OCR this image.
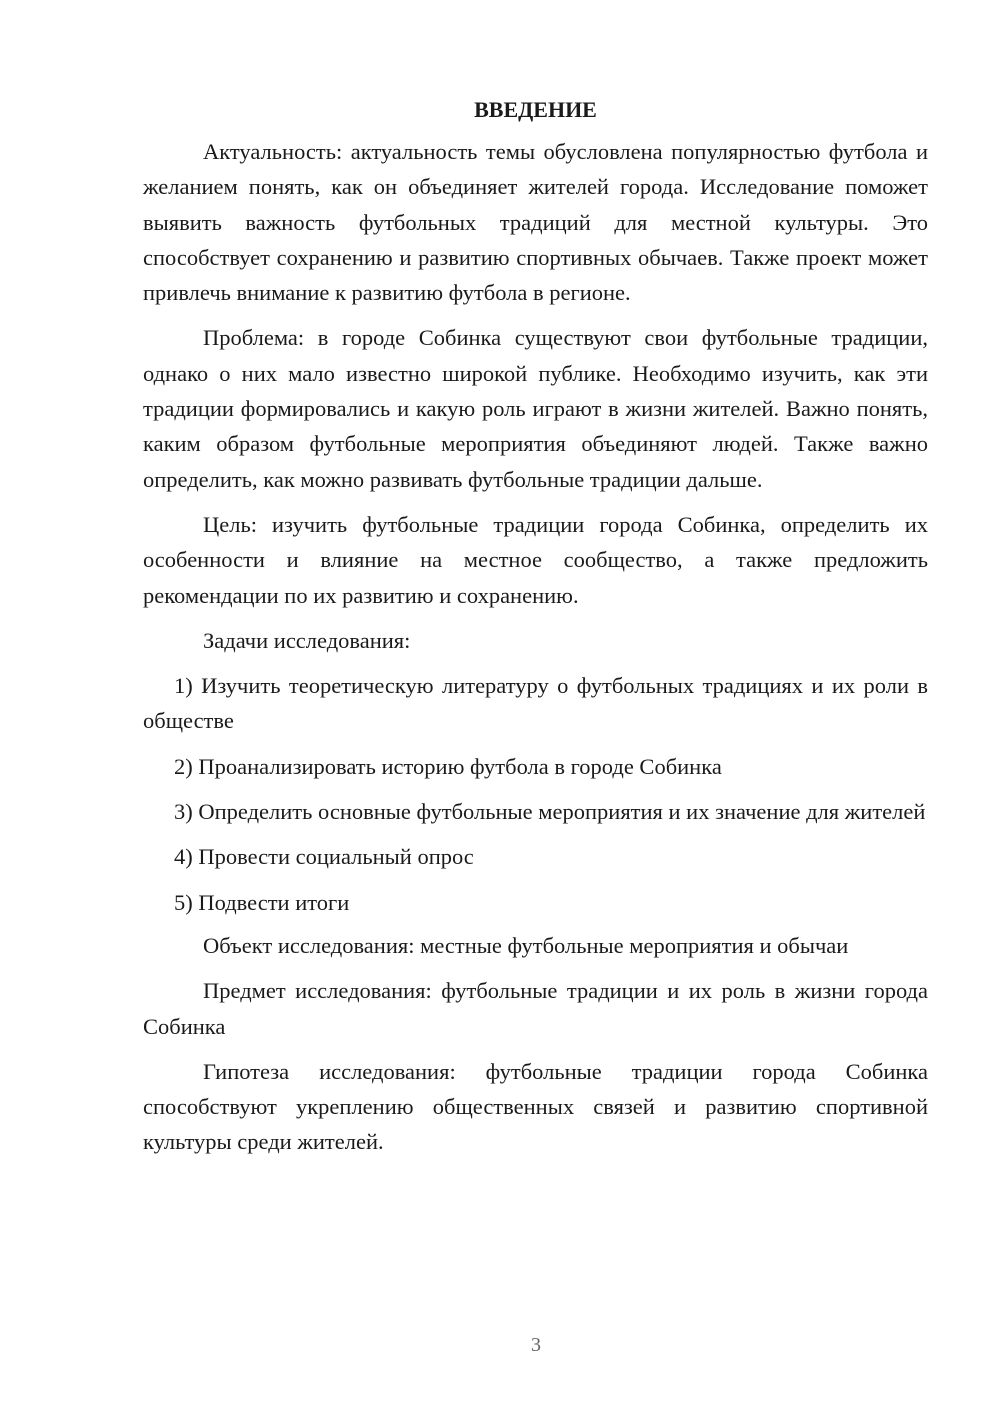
ВВЕДЕНИЕ

Актуальность: актуальность темы обусловлена популярностью футбола и желанием понять, как он объединяет жителей города. Исследование поможет выявить важность футбольных традиций для местной культуры. Это способствует сохранению и развитию спортивных обычаев. Также проект может привлечь внимание к развитию футбола в регионе.

Проблема: в городе Собинка существуют свои футбольные традиции, однако о них мало известно широкой публике. Необходимо изучить, как эти традиции формировались и какую роль играют в жизни жителей. Важно понять, каким образом футбольные мероприятия объединяют людей. Также важно определить, как можно развивать футбольные традиции дальше.

Цель: изучить футбольные традиции города Собинка, определить их особенности и влияние на местное сообщество, а также предложить рекомендации по их развитию и сохранению.

Задачи исследования:

1) Изучить теоретическую литературу о футбольных традициях и их роли в обществе

2) Проанализировать историю футбола в городе Собинка

3) Определить основные футбольные мероприятия и их значение для жителей

4) Провести социальный опрос

5) Подвести итоги

Объект исследования: местные футбольные мероприятия и обычаи

Предмет исследования: футбольные традиции и их роль в жизни города Собинка

Гипотеза исследования: футбольные традиции города Собинка способствуют укреплению общественных связей и развитию спортивной культуры среди жителей.

3
